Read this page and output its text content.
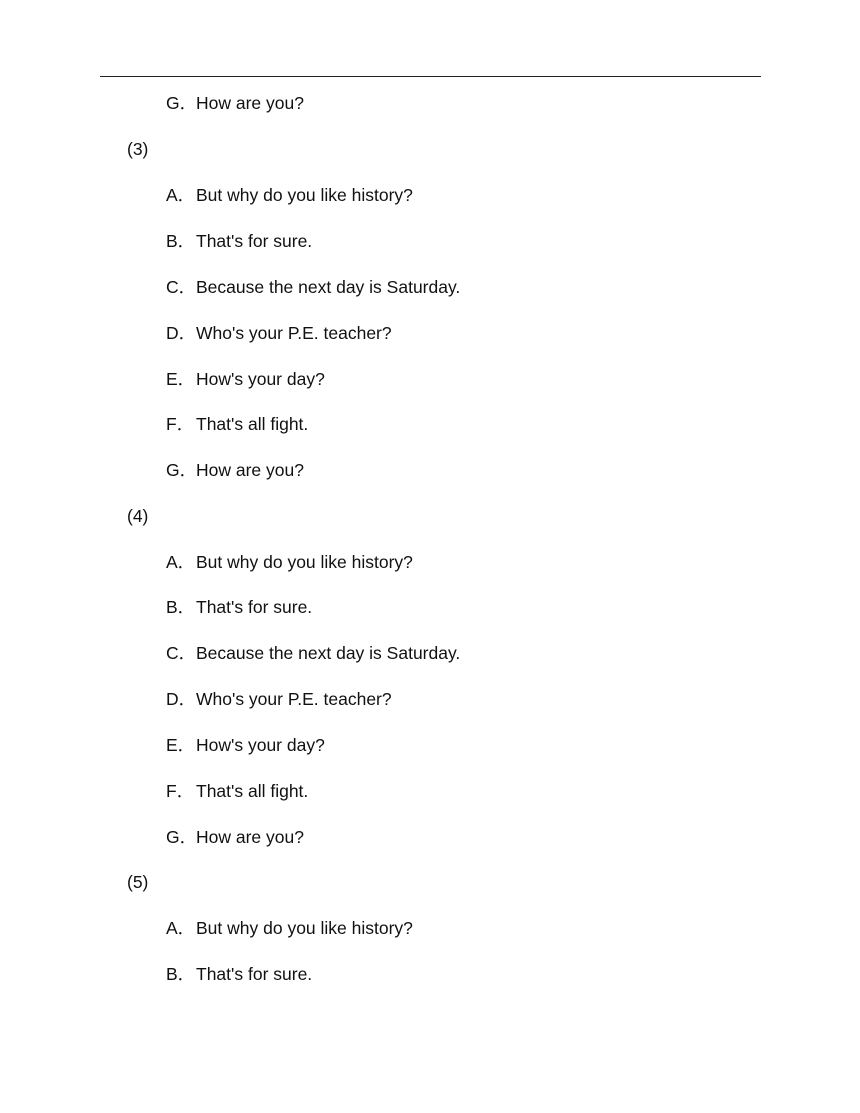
G．How are you?
(3)
A．But why do you like history?
B．That's for sure.
C．Because the next day is Saturday.
D．Who's your P.E. teacher?
E．How's your day?
F． That's all fight.
G．How are you?
(4)
A．But why do you like history?
B．That's for sure.
C．Because the next day is Saturday.
D．Who's your P.E. teacher?
E．How's your day?
F． That's all fight.
G．How are you?
(5)
A．But why do you like history?
B．That's for sure.
